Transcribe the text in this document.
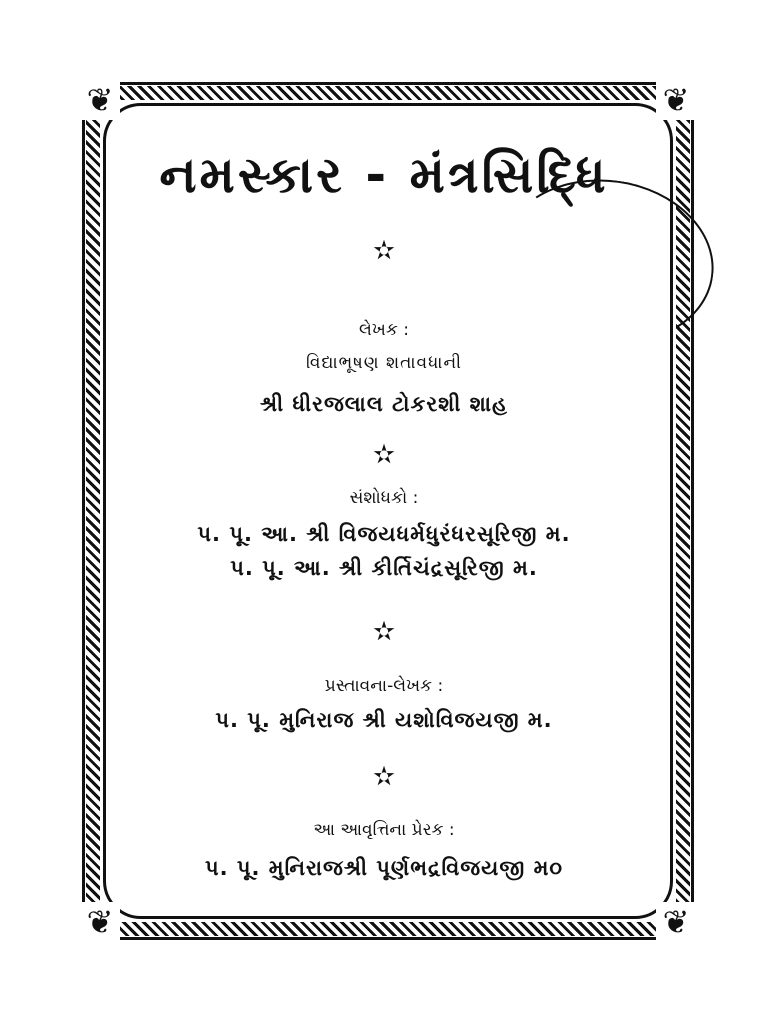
❦	❦
❦	❦
નમસ્કાર - મંત્રસિદ્ધિ
✫
લેખક :
વિદ્યાભૂષણ શતાવધાની
શ્રી ધીરજલાલ ટોકરશી શાહ
✫
સંશોધકો :
પ. પૂ. આ. શ્રી વિજયધર્મધુરંધરસૂરિજી મ.
પ. પૂ. આ. શ્રી કીર્તિચંદ્રસૂરિજી મ.
✫
પ્રસ્તાવના-લેખક :
પ. પૂ. મુનિરાજ શ્રી યશોવિજયજી મ.
✫
આ આવૃત્તિના પ્રેરક :
પ. પૂ. મુનિરાજશ્રી પૂર્ણભદ્રવિજયજી મ૦
